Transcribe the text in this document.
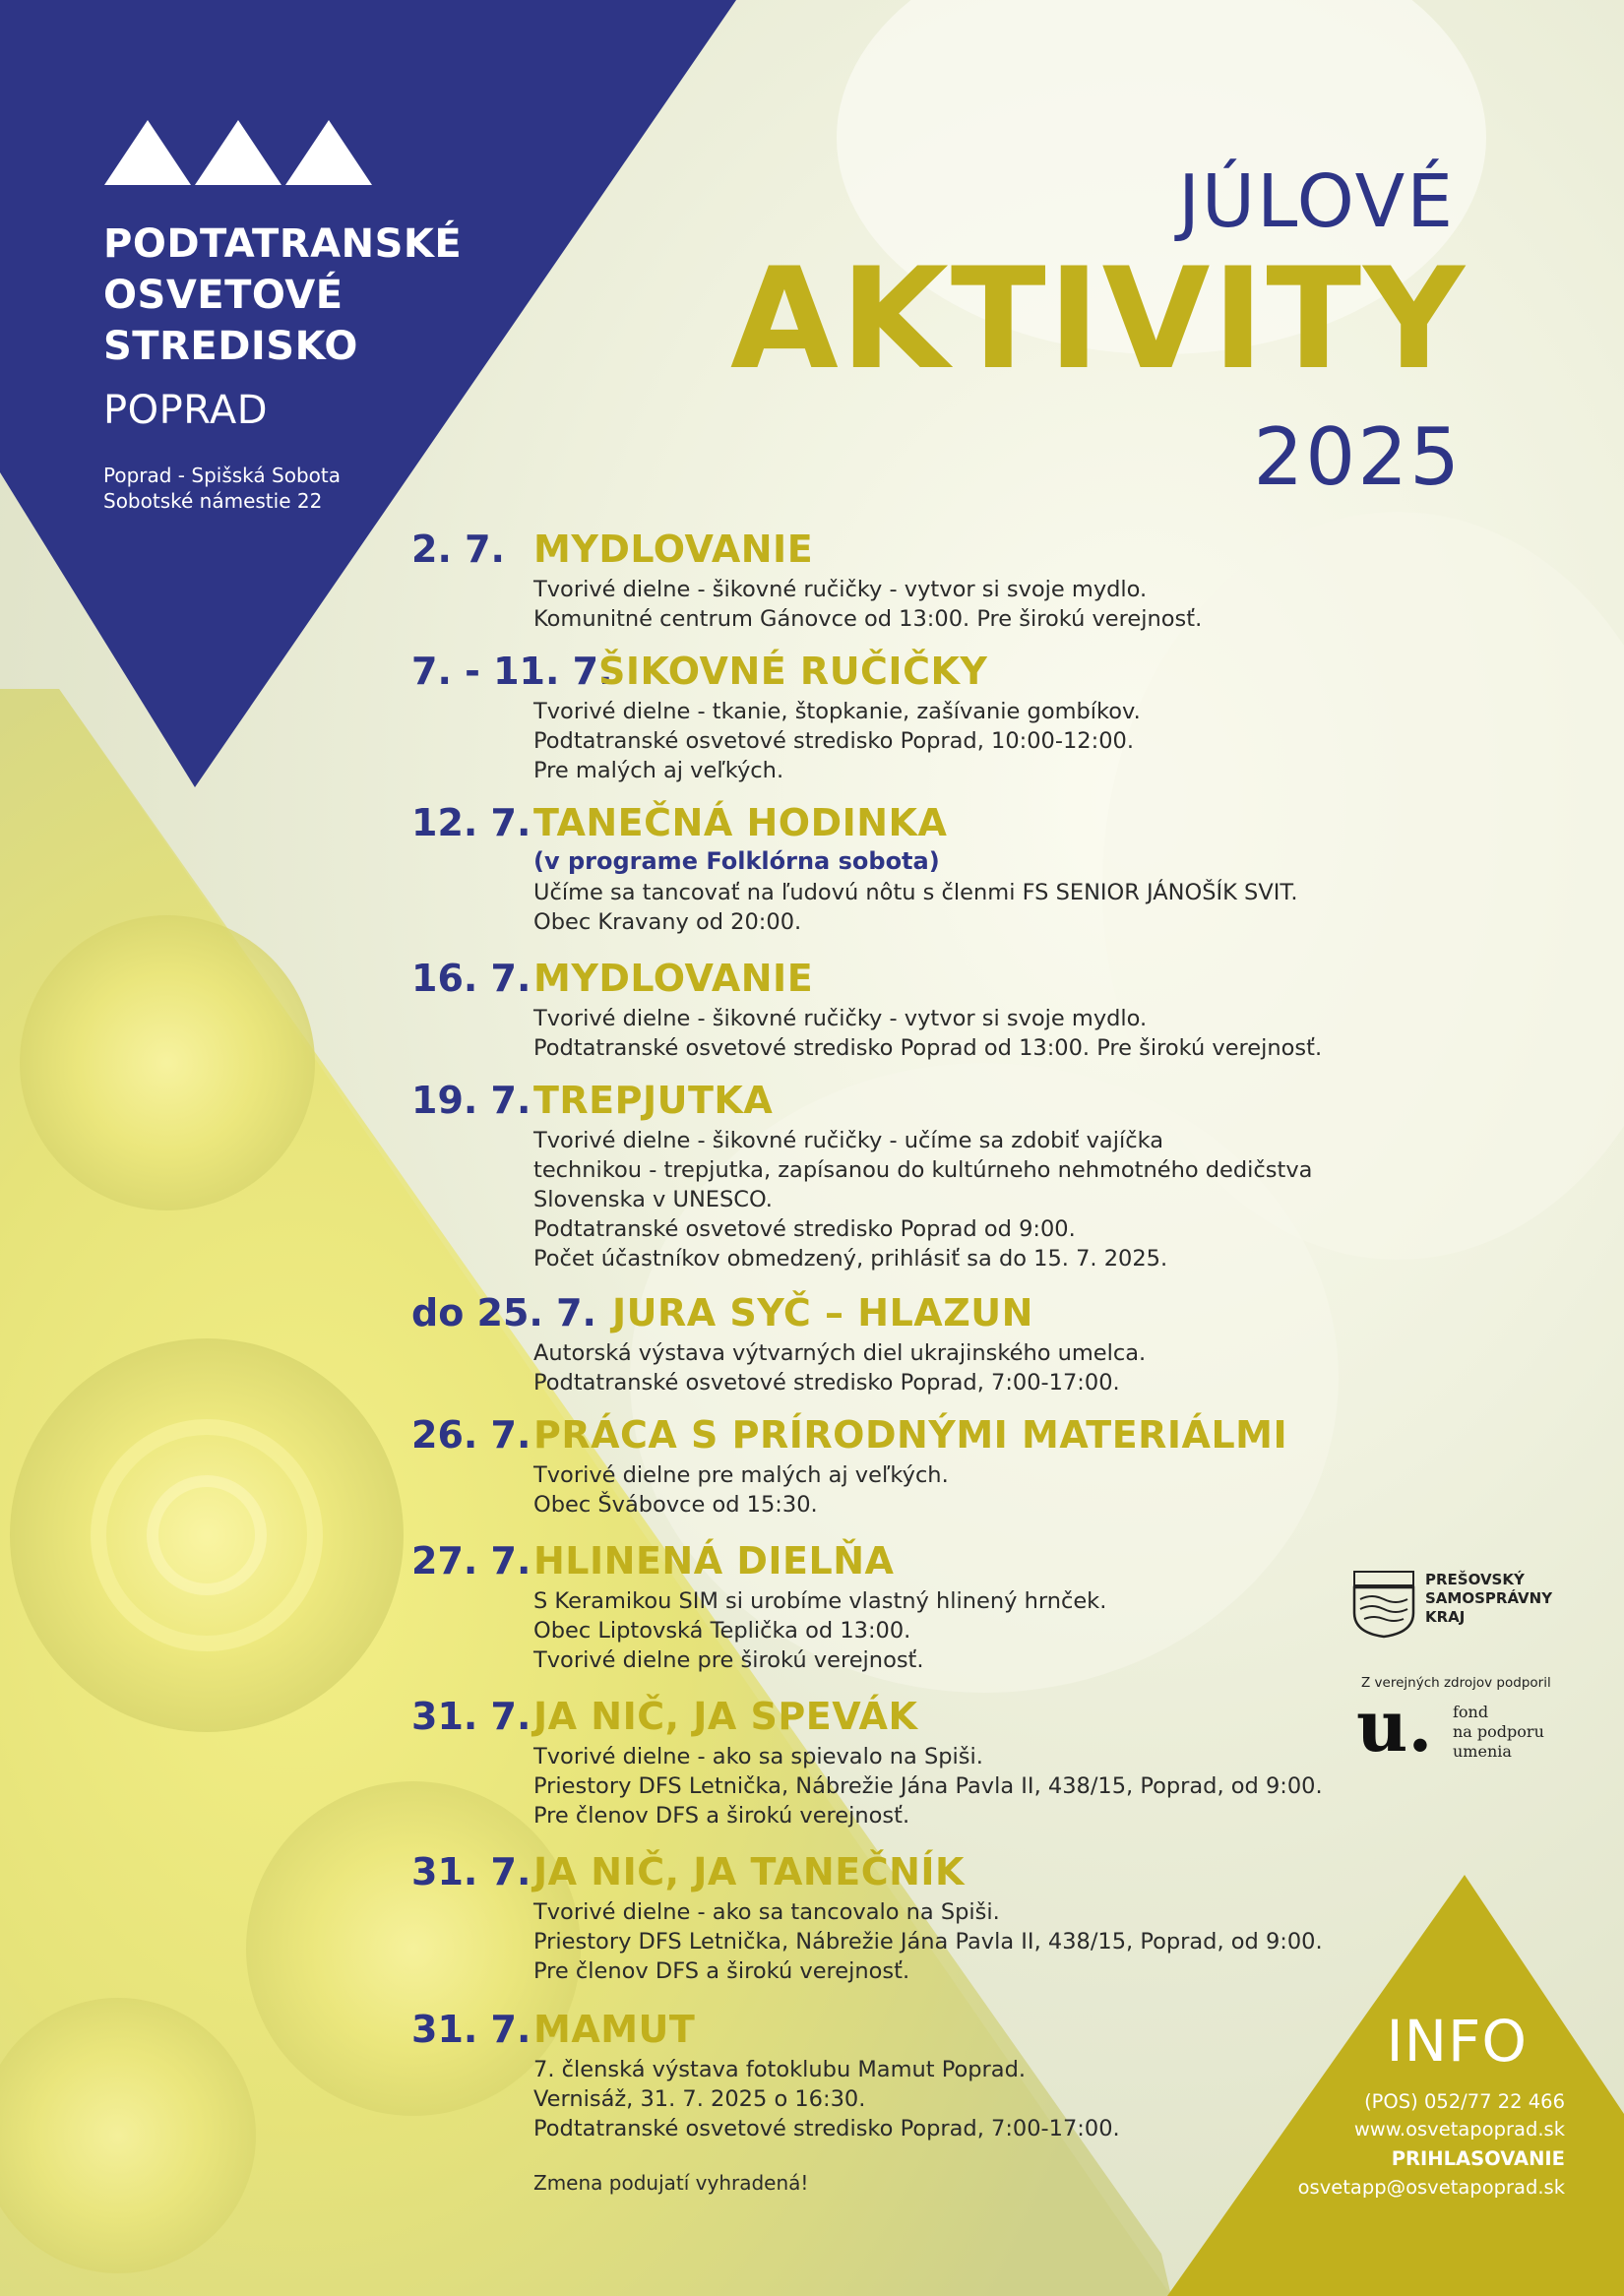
PODTATRANSKÉ
OSVETOVÉ
STREDISKO
POPRAD
Poprad - Spišská Sobota
Sobotské námestie 22
JÚLOVÉ
AKTIVITY
2025
2. 7. MYDLOVANIE
Tvorivé dielne - šikovné ručičky - vytvor si svoje mydlo.
Komunitné centrum Gánovce od 13:00. Pre širokú verejnosť.
7. - 11. 7.
ŠIKOVNÉ RUČIČKY
Tvorivé dielne - tkanie, štopkanie, zašívanie gombíkov.
Podtatranské osvetové stredisko Poprad, 10:00-12:00.
Pre malých aj veľkých.
12. 7. TANEČNÁ HODINKA
(v programe Folklórna sobota)
Učíme sa tancovať na ľudovú nôtu s členmi FS SENIOR JÁNOŠÍK SVIT.
Obec Kravany od 20:00.
16. 7. MYDLOVANIE
Tvorivé dielne - šikovné ručičky - vytvor si svoje mydlo.
Podtatranské osvetové stredisko Poprad od 13:00. Pre širokú verejnosť.
19. 7. TREPJUTKA
Tvorivé dielne - šikovné ručičky - učíme sa zdobiť vajíčka
technikou - trepjutka, zapísanou do kultúrneho nehmotného dedičstva
Slovenska v UNESCO.
Podtatranské osvetové stredisko Poprad od 9:00.
Počet účastníkov obmedzený, prihlásiť sa do 15. 7. 2025.
do 25. 7. JURA SYČ – HLAZUN
Autorská výstava výtvarných diel ukrajinského umelca.
Podtatranské osvetové stredisko Poprad, 7:00-17:00.
26. 7. PRÁCA S PRÍRODNÝMI MATERIÁLMI
Tvorivé dielne pre malých aj veľkých.
Obec Švábovce od 15:30.
27. 7. HLINENÁ DIELŇA
S Keramikou SIM si urobíme vlastný hlinený hrnček.
Obec Liptovská Teplička od 13:00.
Tvorivé dielne pre širokú verejnosť.
31. 7. JA NIČ, JA SPEVÁK
Tvorivé dielne - ako sa spievalo na Spiši.
Priestory DFS Letnička, Nábrežie Jána Pavla II, 438/15, Poprad, od 9:00.
Pre členov DFS a širokú verejnosť.
31. 7. JA NIČ, JA TANEČNÍK
Tvorivé dielne - ako sa tancovalo na Spiši.
Priestory DFS Letnička, Nábrežie Jána Pavla II, 438/15, Poprad, od 9:00.
Pre členov DFS a širokú verejnosť.
31. 7. MAMUT
7. členská výstava fotoklubu Mamut Poprad.
Vernisáž, 31. 7. 2025 o 16:30.
Podtatranské osvetové stredisko Poprad, 7:00-17:00.
Zmena podujatí vyhradená!
PREŠOVSKÝ
SAMOSPRÁVNY
KRAJ
Z verejných zdrojov podporil
u. fond
na podporu
umenia
INFO
(POS) 052/77 22 466
www.osvetapoprad.sk
PRIHLASOVANIE
osvetapp@osvetapoprad.sk
